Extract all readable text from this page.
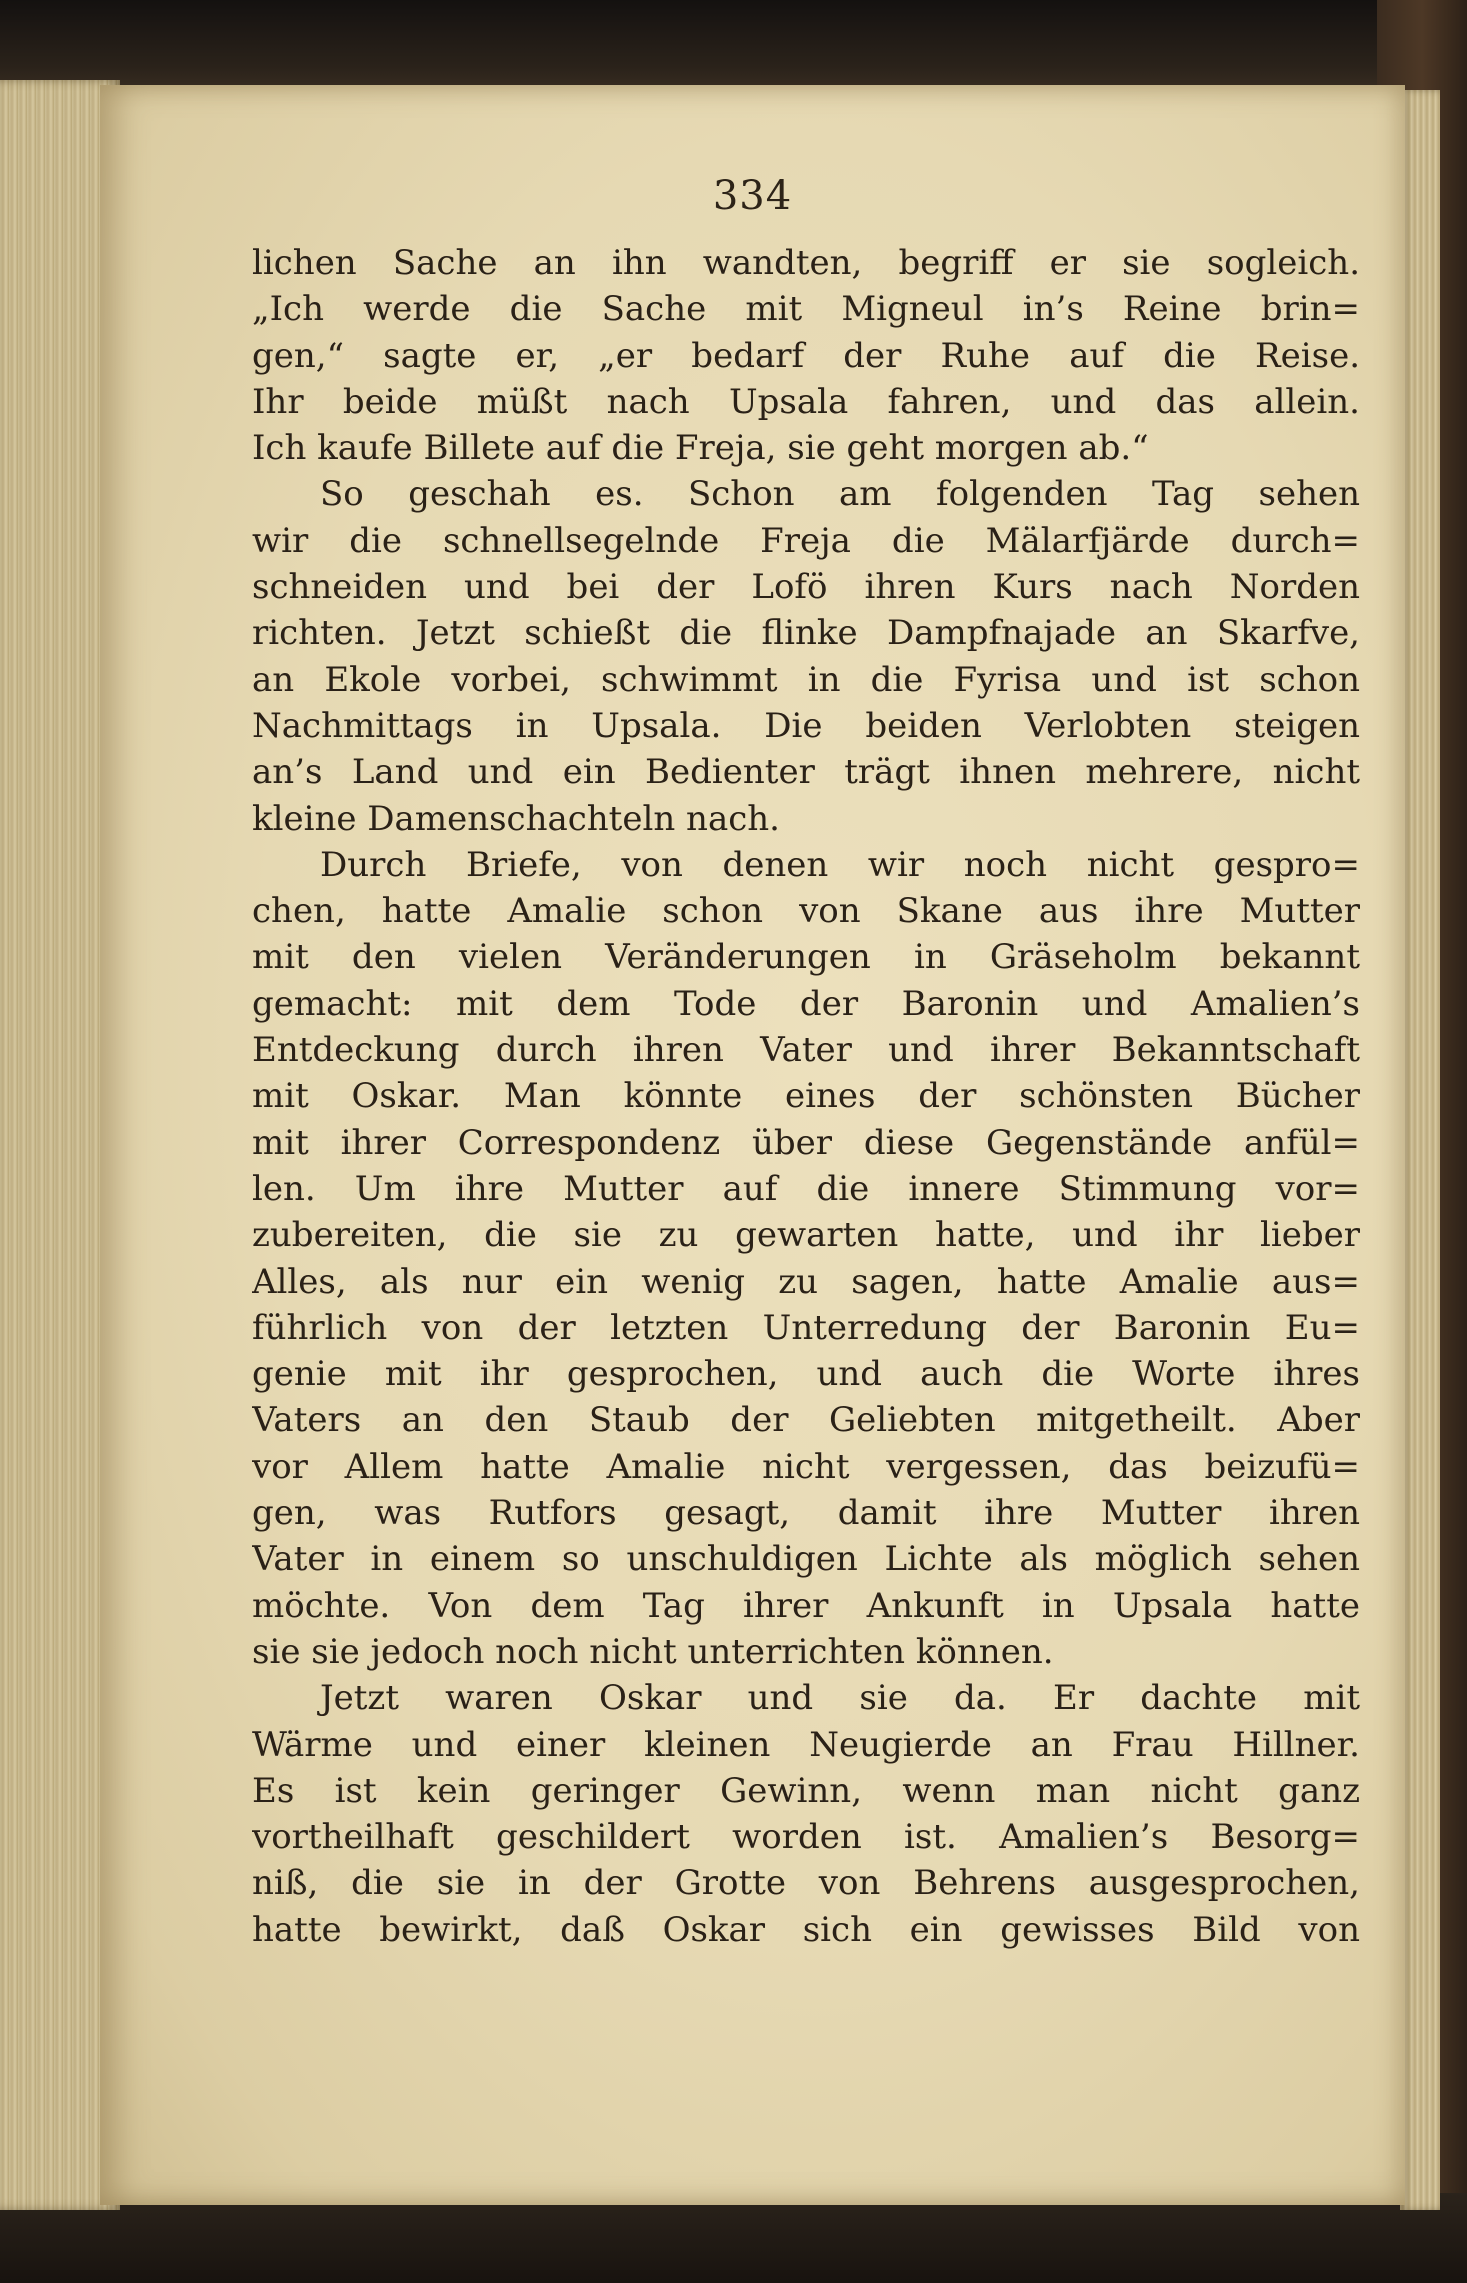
334
lichen Sache an ihn wandten, begriff er sie sogleich.
„Ich werde die Sache mit Migneul in’s Reine brin=
gen,“ sagte er, „er bedarf der Ruhe auf die Reise.
Ihr beide müßt nach Upsala fahren, und das allein.
Ich kaufe Billete auf die Freja, sie geht morgen ab.“
So geschah es. Schon am folgenden Tag sehen
wir die schnellsegelnde Freja die Mälarfjärde durch=
schneiden und bei der Lofö ihren Kurs nach Norden
richten. Jetzt schießt die flinke Dampfnajade an Skarfve,
an Ekole vorbei, schwimmt in die Fyrisa und ist schon
Nachmittags in Upsala. Die beiden Verlobten steigen
an’s Land und ein Bedienter trägt ihnen mehrere, nicht
kleine Damenschachteln nach.
Durch Briefe, von denen wir noch nicht gespro=
chen, hatte Amalie schon von Skane aus ihre Mutter
mit den vielen Veränderungen in Gräseholm bekannt
gemacht: mit dem Tode der Baronin und Amalien’s
Entdeckung durch ihren Vater und ihrer Bekanntschaft
mit Oskar. Man könnte eines der schönsten Bücher
mit ihrer Correspondenz über diese Gegenstände anfül=
len. Um ihre Mutter auf die innere Stimmung vor=
zubereiten, die sie zu gewarten hatte, und ihr lieber
Alles, als nur ein wenig zu sagen, hatte Amalie aus=
führlich von der letzten Unterredung der Baronin Eu=
genie mit ihr gesprochen, und auch die Worte ihres
Vaters an den Staub der Geliebten mitgetheilt. Aber
vor Allem hatte Amalie nicht vergessen, das beizufü=
gen, was Rutfors gesagt, damit ihre Mutter ihren
Vater in einem so unschuldigen Lichte als möglich sehen
möchte. Von dem Tag ihrer Ankunft in Upsala hatte
sie sie jedoch noch nicht unterrichten können.
Jetzt waren Oskar und sie da. Er dachte mit
Wärme und einer kleinen Neugierde an Frau Hillner.
Es ist kein geringer Gewinn, wenn man nicht ganz
vortheilhaft geschildert worden ist. Amalien’s Besorg=
niß, die sie in der Grotte von Behrens ausgesprochen,
hatte bewirkt, daß Oskar sich ein gewisses Bild von
